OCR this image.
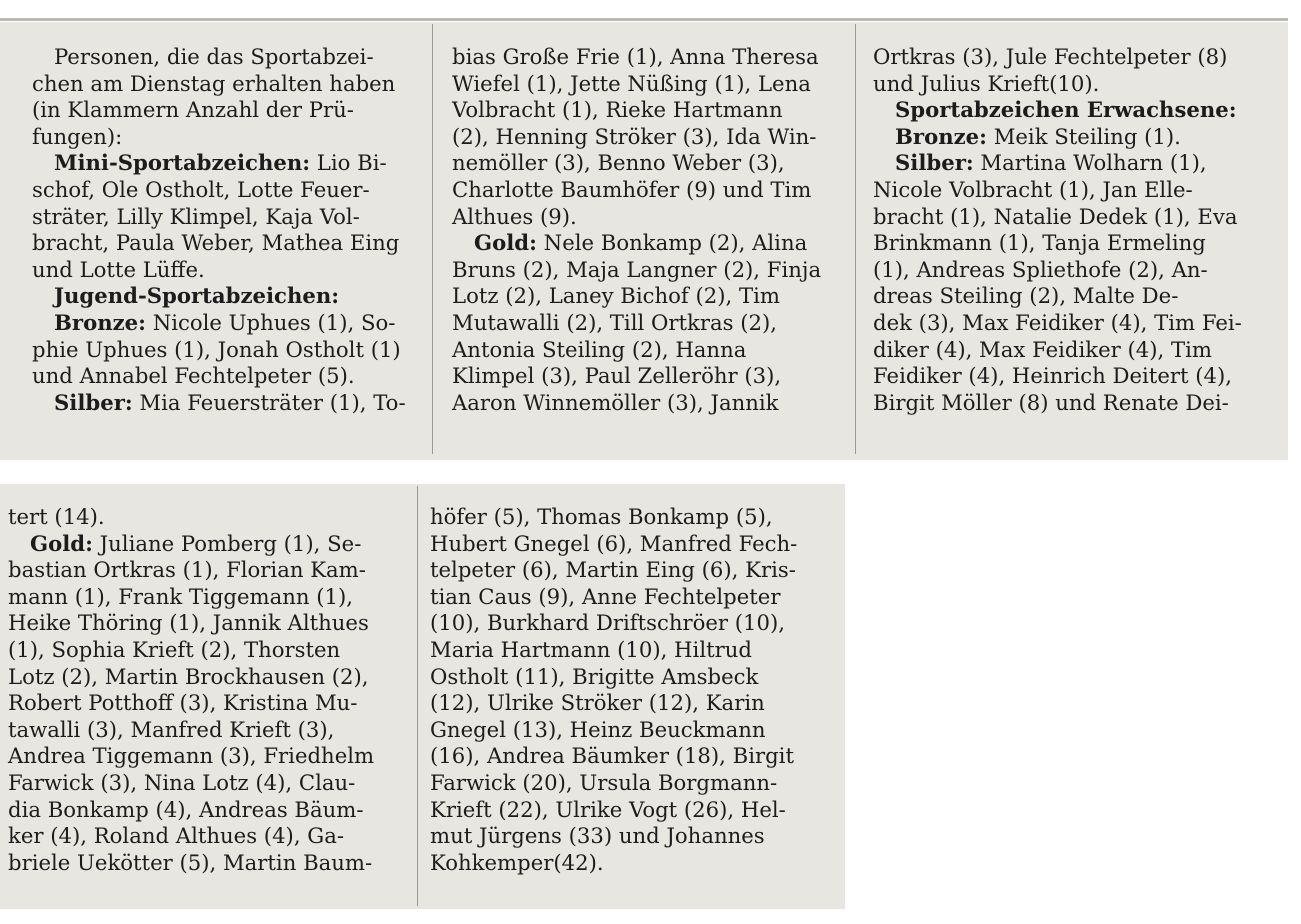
Personen, die das Sportabzei-
chen am Dienstag erhalten haben
(in Klammern Anzahl der Prü-
fungen):
Mini-Sportabzeichen: Lio Bi-
schof, Ole Ostholt, Lotte Feuer-
sträter, Lilly Klimpel, Kaja Vol-
bracht, Paula Weber, Mathea Eing
und Lotte Lüffe.
Jugend-Sportabzeichen:
Bronze: Nicole Uphues (1), So-
phie Uphues (1), Jonah Ostholt (1)
und Annabel Fechtelpeter (5).
Silber: Mia Feuersträter (1), To-
bias Große Frie (1), Anna Theresa
Wiefel (1), Jette Nüßing (1), Lena
Volbracht (1), Rieke Hartmann
(2), Henning Ströker (3), Ida Win-
nemöller (3), Benno Weber (3),
Charlotte Baumhöfer (9) und Tim
Althues (9).
Gold: Nele Bonkamp (2), Alina
Bruns (2), Maja Langner (2), Finja
Lotz (2), Laney Bichof (2), Tim
Mutawalli (2), Till Ortkras (2),
Antonia Steiling (2), Hanna
Klimpel (3), Paul Zelleröhr (3),
Aaron Winnemöller (3), Jannik
Ortkras (3), Jule Fechtelpeter (8)
und Julius Krieft(10).
Sportabzeichen Erwachsene:
Bronze: Meik Steiling (1).
Silber: Martina Wolharn (1),
Nicole Volbracht (1), Jan Elle-
bracht (1), Natalie Dedek (1), Eva
Brinkmann (1), Tanja Ermeling
(1), Andreas Spliethofe (2), An-
dreas Steiling (2), Malte De-
dek (3), Max Feidiker (4), Tim Fei-
diker (4), Max Feidiker (4), Tim
Feidiker (4), Heinrich Deitert (4),
Birgit Möller (8) und Renate Dei-
tert (14).
Gold: Juliane Pomberg (1), Se-
bastian Ortkras (1), Florian Kam-
mann (1), Frank Tiggemann (1),
Heike Thöring (1), Jannik Althues
(1), Sophia Krieft (2), Thorsten
Lotz (2), Martin Brockhausen (2),
Robert Potthoff (3), Kristina Mu-
tawalli (3), Manfred Krieft (3),
Andrea Tiggemann (3), Friedhelm
Farwick (3), Nina Lotz (4), Clau-
dia Bonkamp (4), Andreas Bäum-
ker (4), Roland Althues (4), Ga-
briele Uekötter (5), Martin Baum-
höfer (5), Thomas Bonkamp (5),
Hubert Gnegel (6), Manfred Fech-
telpeter (6), Martin Eing (6), Kris-
tian Caus (9), Anne Fechtelpeter
(10), Burkhard Driftschröer (10),
Maria Hartmann (10), Hiltrud
Ostholt (11), Brigitte Amsbeck
(12), Ulrike Ströker (12), Karin
Gnegel (13), Heinz Beuckmann
(16), Andrea Bäumker (18), Birgit
Farwick (20), Ursula Borgmann-
Krieft (22), Ulrike Vogt (26), Hel-
mut Jürgens (33) und Johannes
Kohkemper(42).
